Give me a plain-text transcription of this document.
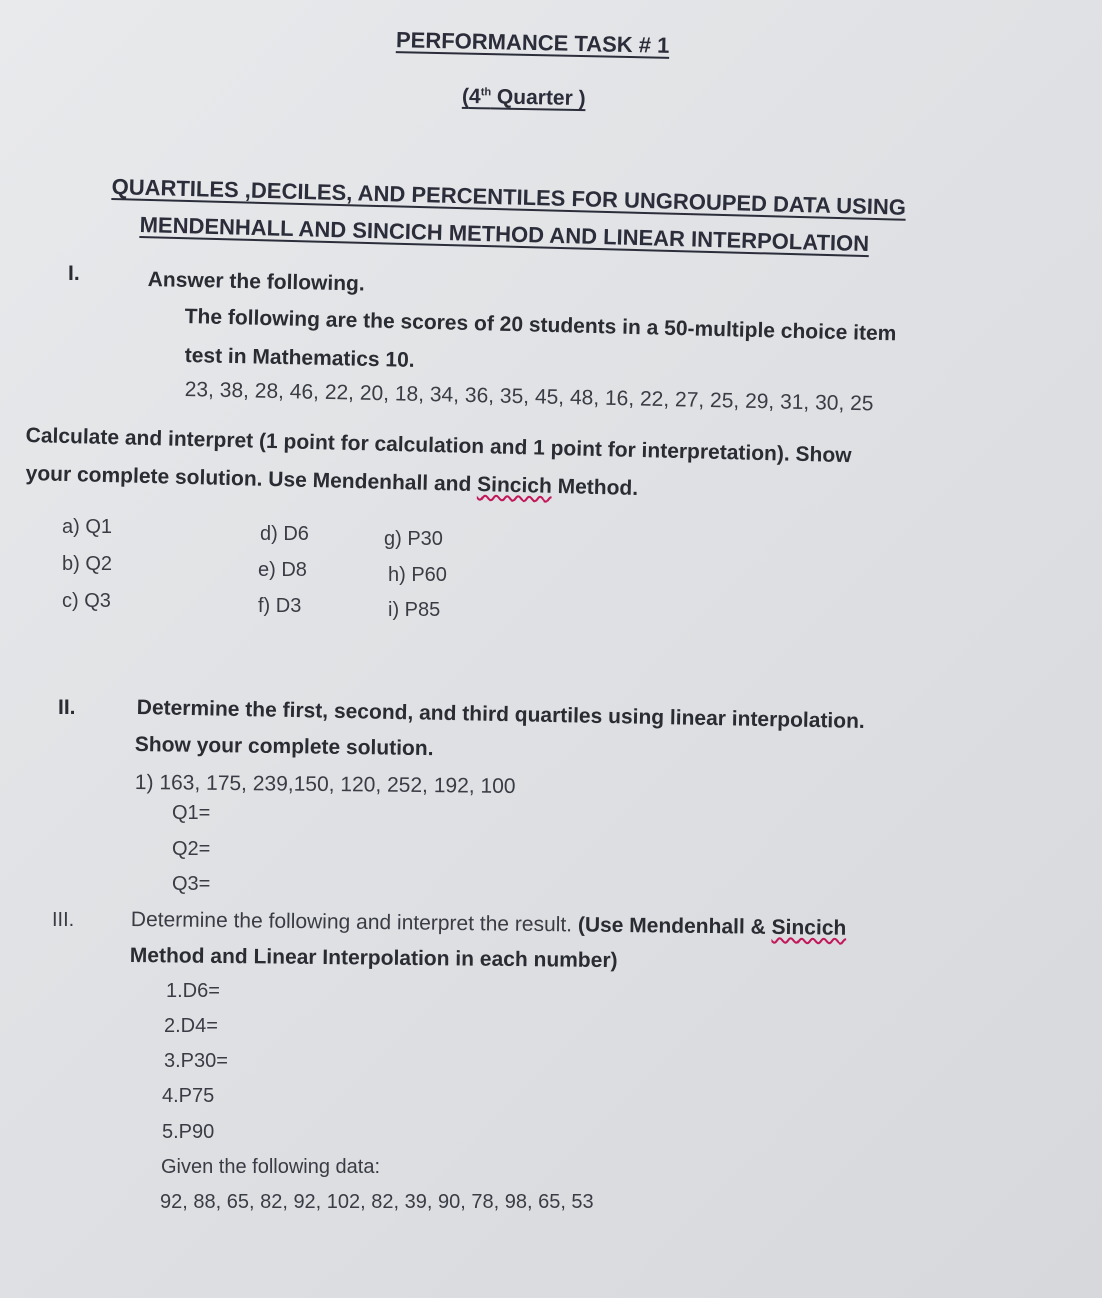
PERFORMANCE TASK # 1
(4th Quarter )
QUARTILES ,DECILES, AND PERCENTILES FOR UNGROUPED DATA USING
MENDENHALL AND SINCICH METHOD AND LINEAR INTERPOLATION
I.	Answer the following.
The following are the scores of 20 students in a 50-multiple choice item
test in Mathematics 10.
23, 38, 28, 46, 22, 20, 18, 34, 36, 35, 45, 48, 16, 22, 27, 25, 29, 31, 30, 25
Calculate and interpret (1 point for calculation and 1 point for interpretation). Show
your complete solution. Use Mendenhall and Sincich Method.
a) Q1
b) Q2
c) Q3
d) D6
e) D8
f) D3
g) P30
h) P60
i) P85
II.	Determine the first, second, and third quartiles using linear interpolation.
Show your complete solution.
1) 163, 175, 239,150, 120, 252, 192, 100
Q1=
Q2=
Q3=
III.	Determine the following and interpret the result. (Use Mendenhall & Sincich
Method and Linear Interpolation in each number)
1.D6=
2.D4=
3.P30=
4.P75
5.P90
Given the following data:
92, 88, 65, 82, 92, 102, 82, 39, 90, 78, 98, 65, 53
